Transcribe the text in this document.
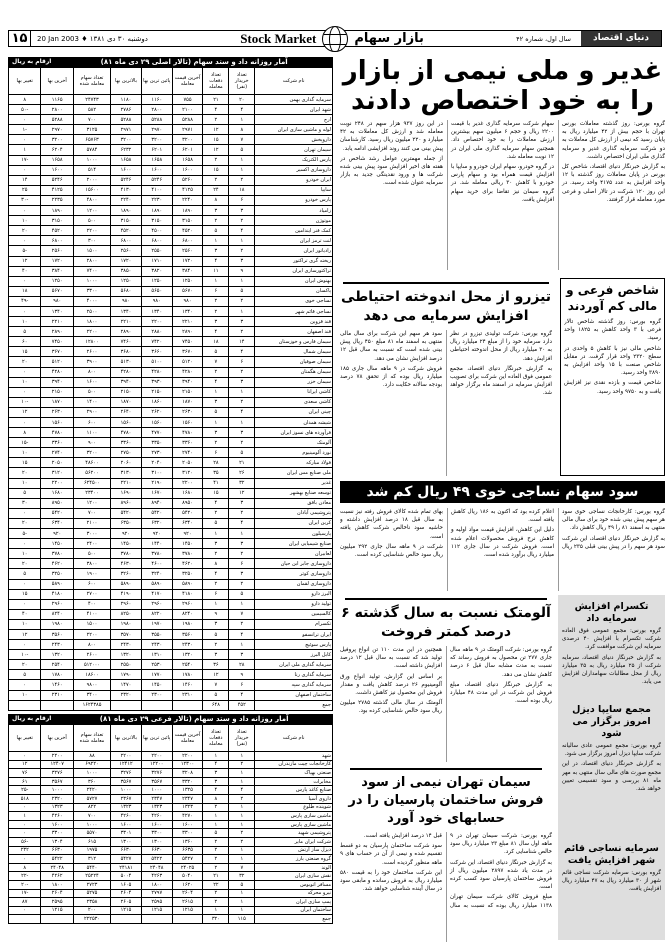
۱۵	20 Jan 2003 ♦ ۱۳۸۱ دوشنبه ۳۰ دی	Stock Market	بازار سهام	سال اول، شماره ۴۲	دنیای اقتصاد
آمار روزانه داد و ستد سهام (تالار اصلی ۲۹ دی ماه ۸۱)
ارقام به ریال
نام شرکت	تعداد خریدار (نفر)	تعداد دفعات معامله	آخرین قیمت معامله	پائین ترین بها	بالاترین بها	تعداد سهام معامله شده	آخرین بها	تغییر بها
سرمایه گذاری بهمن	۲۰	۲۱	۷۵۵	۱۱۶۰	۱۱۸۰	۲۴۷۴۳	۱۱۶۵	۸
شهد ایران	۴	۴	۲۱۰۰	۲۸۰۰	۲۷۸۶	۵۸۲	۲۸۰۰	-۵۰
ارج	۱	۲	۵۲۸۸	۵۲۸۸	۵۲۸۸	۷۰۰	۵۲۸۸	۰
لوله و ماشین سازی ایران	۸	۱۲	۲۹۷۱	۲۹۷۰	۲۹۷۱	۳۱۲۵	۲۹۷۰	-۱
داروپخش	۷	۱۵	۳۲۰۰	۳۲۰۰	۳۲۰۰	۶۵۷۶۳	۳۲۰۰	۰
سیمان تهران	۵	۱۲	۶۲۰۱	۶۲۰۱	۶۲۳۲	۵۷۸۴	۶۲۰۴	۱
پارس الکتریک	۱	۲	۱۶۵۸	۱۶۵۸	۱۶۵۸	۱۰۰۰	۱۶۵۸	-۱۷
داروسازی اکسیر	۱	۱۵	۱۶۰۰	۱۶۰۰	۱۶۰۰	۵۱۴	۱۶۰۰	۰
ایران خودرو	۲	۲	۵۲۶۰	۵۲۴۶	۵۲۴۶	۲۰۰۰	۵۲۴۶	۱۴
سایپا	۱۸	۲۴	۴۱۲۵	۴۱۰۰	۴۱۳۰	۱۵۶۰۰	۴۱۲۵	۲۵
پارس خودرو	۶	۸	۲۲۴۰	۲۲۳۰	۲۲۴۰	۴۸۰۰	۲۲۳۵	-۳۰
زامیاد	۳	۳	۱۸۹۰	۱۸۹۰	۱۸۹۰	۱۲۰۰	۱۸۹۰	۰
موتوژن	۲	۲	۳۱۵۰	۳۱۵۰	۳۱۵۰	۵۰۰	۳۱۵۰	۱۰
کمک فنر ایندامین	۴	۵	۴۵۲۰	۴۵۰۰	۴۵۲۰	۲۲۰۰	۴۵۲۰	۲۰
لنت ترمز ایران	۱	۱	۶۸۰۰	۶۸۰۰	۶۸۰۰	۳۰۰	۶۸۰۰	۰
رادیاتور ایران	۲	۳	۲۵۶۰	۲۵۵۰	۲۵۶۰	۱۵۰۰	۲۵۶۰	-۵
ریخته گری تراکتور	۳	۴	۱۷۲۰	۱۷۱۰	۱۷۲۰	۲۸۰۰	۱۷۲۰	۱۲
تراکتورسازی ایران	۹	۱۱	۳۸۴۰	۳۸۲۰	۳۸۵۰	۷۴۰۰	۳۸۴۰	۴۰
بهنوش ایران	۱	۱	۱۲۵۰	۱۲۵۰	۱۲۵۰	۱۰۰۰	۱۲۵۰	۰
پاکسان	۵	۶	۵۶۷۰	۵۶۵۰	۵۶۸۰	۳۳۰۰	۵۶۷۰	۱۸
نساجی خوی	۲	۲	۹۸۰	۹۸۰	۹۸۰	۴۰۰۰	۹۸۰	-۴۹
نساجی قائم شهر	۱	۲	۱۳۴۰	۱۳۴۰	۱۳۴۰	۲۵۰۰	۱۳۴۰	۰
قند قزوین	۳	۳	۲۲۱۰	۲۲۰۰	۲۲۱۰	۱۸۰۰	۲۲۱۰	۱۰
قند اصفهان	۲	۴	۲۸۹۰	۲۸۸۰	۲۸۹۰	۲۲۰۰	۲۸۹۰	۵
سیمان فارس و خوزستان	۱۴	۱۸	۷۴۵۰	۷۴۲۰	۷۴۶۰	۱۲۸۰۰	۷۴۵۰	۶۰
سیمان شمال	۴	۵	۳۶۷۰	۳۶۶۰	۳۶۸۰	۲۶۰۰	۳۶۷۰	۱۵
سیمان صوفیان	۶	۷	۵۱۲۰	۵۱۰۰	۵۱۳۰	۳۹۰۰	۵۱۲۰	۲۰
سیمان هگمتان	۲	۲	۴۲۸۰	۴۲۸۰	۴۲۸۰	۸۰۰	۴۲۸۰	۰
سیمان خزر	۳	۴	۳۹۴۰	۳۹۳۰	۳۹۴۰	۱۶۰۰	۳۹۴۰	۱۰
کاشی ایرانا	۱	۱	۲۱۵۰	۲۱۵۰	۲۱۵۰	۵۰۰	۲۱۵۰	۰
کاشی سعدی	۲	۳	۱۸۷۰	۱۸۶۰	۱۸۷۰	۱۴۰۰	۱۸۷۰	-۱۰
چینی ایران	۴	۵	۲۶۳۰	۲۶۲۰	۲۶۴۰	۲۹۰۰	۲۶۳۰	۱۲
شیشه همدان	۱	۱	۱۵۶۰	۱۵۶۰	۱۵۶۰	۶۰۰	۱۵۶۰	۰
فرآورده های نسوز ایران	۳	۳	۴۷۸۰	۴۷۷۰	۴۷۸۰	۱۱۰۰	۴۷۸۰	۸
آلومتک	۲	۲	۳۳۶۰	۳۳۵۰	۳۳۶۰	۹۰۰	۳۳۶۰	-۱۵
نورد آلومینیوم	۵	۶	۲۷۴۰	۲۷۳۰	۲۷۵۰	۳۲۰۰	۲۷۴۰	۱۰
فولاد مبارکه	۲۱	۲۸	۲۰۵۰	۲۰۴۰	۲۰۶۰	۴۸۶۰۰	۲۰۵۰	۱۵
ملی صنایع مس ایران	۲۶	۳۵	۳۱۲۰	۳۱۰۰	۳۱۳۰	۵۶۲۰۰	۳۱۲۰	۲۰
غدیر	۳۲	۴۱	۲۲۰۰	۲۱۹۰	۲۲۱۰	۶۲۴۵۰۰	۲۲۰۰	۱۰
توسعه صنایع بهشهر	۱۲	۱۵	۱۶۸۰	۱۶۷۰	۱۶۹۰	۲۳۴۰۰	۱۶۸۰	۵
معادن بافق	۳	۴	۸۹۵۰	۸۹۴۰	۸۹۶۰	۱۲۰۰	۸۹۵۰	۳۰
پتروشیمی آبادان	۲	۲	۵۴۲۰	۵۴۲۰	۵۴۲۰	۷۰۰	۵۴۲۰	۰
کربن ایران	۴	۵	۶۳۴۰	۶۳۲۰	۶۳۵۰	۲۱۰۰	۶۳۴۰	۲۰
پارسیلون	۱	۱	۹۲۰	۹۲۰	۹۲۰	۳۰۰۰	۹۲۰	-۵
صنایع شیمیایی ایران	۳	۳	۱۴۵۰	۱۴۴۰	۱۴۵۰	۲۴۰۰	۱۴۵۰	۰
لعابیران	۲	۲	۳۷۸۰	۳۷۸۰	۳۷۸۰	۵۰۰	۳۷۸۰	۱۰
داروسازی جابر ابن حیان	۶	۸	۴۶۲۰	۴۶۰۰	۴۶۳۰	۳۸۰۰	۴۶۲۰	۲۰
داروسازی کوثر	۳	۴	۳۲۵۰	۳۲۴۰	۳۲۶۰	۱۹۰۰	۳۲۵۰	۵
داروسازی لقمان	۲	۲	۵۸۹۰	۵۸۹۰	۵۸۹۰	۶۰۰	۵۸۹۰	۰
البرز دارو	۵	۶	۴۱۸۰	۴۱۷۰	۴۱۹۰	۲۷۰۰	۴۱۸۰	۱۵
تولید دارو	۱	۱	۲۹۶۰	۲۹۶۰	۲۹۶۰	۴۰۰	۲۹۶۰	۰
کالسیمین	۷	۹	۸۲۴۰	۸۲۲۰	۸۲۵۰	۴۱۰۰	۸۲۴۰	۴۰
تکسرام	۲	۳	۱۹۸۰	۱۹۷۰	۱۹۸۰	۱۵۰۰	۱۹۸۰	۱۰
ایران ترانسفو	۴	۵	۳۵۶۰	۳۵۵۰	۳۵۷۰	۲۲۰۰	۳۵۶۰	۱۲
پارس سوئیچ	۱	۲	۲۴۳۰	۲۴۳۰	۲۴۳۰	۸۰۰	۲۴۳۰	۰
کابل البرز	۳	۳	۱۳۲۰	۱۳۱۰	۱۳۲۰	۲۶۰۰	۱۳۲۰	-۱۰
سرمایه گذاری ملی ایران	۲۸	۳۶	۲۵۴۰	۲۵۳۰	۲۵۵۰	۵۱۲۰۰۰	۲۵۴۰	۲۰
سرمایه گذاری رنا	۹	۱۲	۱۷۸۰	۱۷۷۰	۱۷۹۰	۱۸۶۰۰	۱۷۸۰	۵
سرمایه گذاری سپه	۶	۷	۱۴۶۰	۱۴۵۰	۱۴۷۰	۹۸۰۰	۱۴۶۰	۰
ساختمان اصفهان	۴	۵	۲۳۱۰	۲۳۰۰	۲۳۲۰	۳۴۰۰	۲۳۱۰	۱۰
جمع	۴۵۲	۶۴۸				۱۶۲۴۳۸۵		
آمار روزانه داد و ستد سهام (تالار فرعی ۲۹ دی ماه ۸۱)
ارقام به ریال
نام شرکت	تعداد خریدار (نفر)	تعداد دفعات معامله	آخرین قیمت معامله	پائین ترین بها	بالاترین بها	تعداد سهام معامله شده	آخرین بها	تغییر بها
شهد	۱	۱	۲۲۰۰	۲۲۰۰	۲۲۰۰	۸۸	۲۲۰۰	۰
کارخانجات چیت مازندران	۲	۴	۱۲۳۰۰	۱۲۲۰۰	۱۲۴۱۲	۶۹۲۲۰	۱۲۴۰۷	۱۲
صنعتی بهپاک	۱	۳	۳۲۰۸	۳۲۷۶	۳۲۷۶	۱۰۰۰	۳۲۷۶	۷۶
مخابرات	۱	۳	۳۳۲۰	۳۵۶۷	۳۵۶۷	۳۶۰	۳۵۶۷	۶۱
صنایع کاغذ پارس	۴	۴	۱۳۲۵	۱۰۰۰	۱۰۰۰	۲۴۲۰	۱۰۰۰	-۲۵
داروی آسیا	۲	۸	۲۳۴۷	۲۳۴۷	۲۳۶۷	۵۷۲۷	۲۳۲۰	۵۱۸
شوینده طلوع	۱	۲	۱۳۲۳	۱۳۲۳	۱۳۲۳	۸۲۲	۱۳۲۳	۰
ماشین سازی پارس	۱	۱	۴۲۷۰	۴۲۶۰	۴۲۶۰	۷۰۰	۴۲۶۰	۱
ماشین سازی پارس	۱	۱	۱۶۰۰	۱۶۰۰	۱۶۰۰	۱۰۰۰	۱۶۰۰	۰
پتروشیمی شهید	۲	۵	۳۳۰۰	۳۳۰۰	۳۳۰۱	۵۵۷۰	۳۳۰۰	۰
شرکت ایران مایر	۲	۲	۱۳۶۰	۱۳۰۰	۱۳۰۰	۶۱۵	۱۳۰۴	-۵۶
دیزل ساز ارتش	۱	۲	۶۶۳۵	۶۶۳۰	۶۶۳۰	۱۹۷۵	۶۶۳۰	۲۳۲
گروه صنعتی بارز	۱	۲	۵۴۲۷	۵۴۲۲	۵۴۲۷	۳۱۲	۵۴۲۲	۰
الوند	۷	۲	۲۴۰۲۵	۲۴۰۴۸	۲۴۱۸۱	۵۴۴۰	۲۴۰۴۸	۸
نقش سازی ایران	۳۲	۲۱	۵۰۴۰	۴۲۶۳	۵۰۰۴	۲۵۲۲۴	۴۲۶۲	-۲۲
مسافر اتوبوس	۵	۲۲	۱۶۲۰	۱۸۰۰	۱۶۰۵	۲۷۲۳	۱۸۰۰	-۲۰
نیرو محرکه	۱	۲	۲۶۰۴	۲۷۹۷	۲۶۰۴	۵۲۷۵	۲۶۰۴	-۱۷
پمپ سازی ایران	۱	۲	۲۶۱۵	۲۵۹۵	۲۶۰۵	۲۳۵۸	۲۵۹۵	۸۷
ساختمان ایران	۱	۱	۱۲۱۵	۱۲۱۵	۱۲۱۵	۲۰۰	۱۲۱۵	۰
جمع	۱۱۵	۳۲۰				۲۲۲۵۳۰		
غدیر و ملی نیمی از بازار را به خود اختصاص دادند

گروه بورس: روز گذشته معاملات بورس تهران با حجم بیش از ۴۲ میلیارد ریال به پایان رسید که نیمی از ارزش کل معاملات به دو شرکت سرمایه گذاری غدیر و سرمایه گذاری ملی ایران اختصاص داشت.

به گزارش خبرنگار دنیای اقتصاد، شاخص کل بورس در پایان معاملات روز گذشته با ۱۲ واحد افزایش به عدد ۴۱۷۵ واحد رسید. در این روز ۱۲۰ شرکت در تالار اصلی و فرعی مورد معامله قرار گرفتند.

سهام شرکت سرمایه گذاری غدیر با قیمت ۲۲۰۰ ریال و حجم ۶ میلیون سهم بیشترین ارزش معاملات را به خود اختصاص داد. همچنین سهام سرمایه گذاری ملی ایران در ۱۲ نوبت معامله شد.

در گروه خودرو، سهام ایران خودرو و سایپا با افزایش قیمت همراه بود و سهام پارس خودرو با کاهش ۳۰ ریالی معامله شد. در گروه سیمان نیز تقاضا برای خرید سهام افزایش یافت.

در این روز ۹۳۷ هزار سهم در ۲۴۸ نوبت معامله شد و ارزش کل معاملات به ۴۲ میلیارد و ۲۲۰ میلیون ریال رسید. کارشناسان پیش بینی می کنند روند افزایشی ادامه یابد.

از جمله مهمترین عوامل رشد شاخص در هفته های اخیر افزایش سود پیش بینی شده شرکت ها و ورود نقدینگی جدید به بازار سرمایه عنوان شده است.

تیزرو از محل اندوخته احتیاطی افزایش سرمایه می دهد

گروه بورس: شرکت تولیدی تیزرو در نظر دارد سرمایه خود را از مبلغ ۲۴ میلیارد ریال به ۳۰ میلیارد ریال از محل اندوخته احتیاطی افزایش دهد.

به گزارش خبرنگار دنیای اقتصاد، مجمع عمومی فوق العاده این شرکت برای تصویب افزایش سرمایه در اسفند ماه برگزار خواهد شد.

سود هر سهم این شرکت برای سال مالی منتهی به اسفند ماه ۸۱ مبلغ ۴۵۰ ریال پیش بینی شده است که نسبت به سال قبل ۱۲ درصد افزایش نشان می دهد.

فروش شرکت در ۹ ماهه سال جاری ۱۸۵ میلیارد ریال بوده که از تحقق ۷۸ درصد بودجه سالانه حکایت دارد.

شاخص فرعی و مالی کم آوردند

گروه بورس: روز گذشته شاخص تالار فرعی با ۳ واحد کاهش به ۱۸۲۵ واحد رسید.

شاخص مالی نیز با کاهش ۵ واحدی در سطح ۲۳۲۰ واحد قرار گرفت. در مقابل شاخص صنعت با ۱۵ واحد افزایش به ۳۸۹۰ واحد رسید.

شاخص قیمت و بازده نقدی نیز افزایش یافت و به ۹۷۵۰ واحد رسید.

سود سهام نساجی خوی ۴۹ ریال کم شد

گروه بورس: کارخانجات نساجی خوی سود هر سهم پیش بینی شده خود برای سال مالی منتهی به اسفند ۸۱ را ۴۹ ریال کاهش داد.

به گزارش خبرنگار دنیای اقتصاد، این شرکت سود هر سهم را در پیش بینی قبلی ۲۳۵ ریال اعلام کرده بود که اکنون به ۱۸۶ ریال کاهش یافته است.

دلیل این کاهش، افزایش قیمت مواد اولیه و کاهش نرخ فروش محصولات اعلام شده است. فروش شرکت در سال جاری ۱۱۲ میلیارد ریال برآورد شده است.

بهای تمام شده کالای فروش رفته نیز نسبت به سال قبل ۱۸ درصد افزایش داشته و حاشیه سود ناخالص شرکت کاهش یافته است.

شرکت در ۹ ماهه سال جاری ۲۹۲ میلیون ریال سود خالص شناسایی کرده است.

آلومتک نسبت به سال گذشته ۶ درصد کمتر فروخت

گروه بورس: شرکت آلومتک در ۹ ماهه سال جاری ۲۷۷ تن محصول به فروش رساند که نسبت به مدت مشابه سال قبل ۶ درصد کاهش نشان می دهد.

به گزارش خبرنگار دنیای اقتصاد، مبلغ فروش این شرکت در این مدت ۴۸ میلیارد ریال بوده است.

همچنین در این مدت ۱۱۰ تن انواع پروفیل تولید شد که نسبت به سال قبل ۱۲ درصد افزایش داشته است.

بر اساس این گزارش، تولید انواع ورق آلومینیوم ۲۶ درصد کاهش یافت و مقدار فروش این محصول نیز کاهش داشت.

آلومتک در سال مالی گذشته ۲۷۸۵ میلیون ریال سود خالص شناسایی کرده بود.

سیمان تهران نیمی از سود فروش ساختمان پارسیان را در حسابهای خود آورد

گروه بورس: شرکت سیمان تهران در ۹ ماهه اول سال ۸۱ مبلغ ۲۳ میلیارد ریال سود خالص شناسایی کرد.

به گزارش خبرنگار دنیای اقتصاد، این شرکت در مدت یاد شده ۲۸۹۷ میلیون ریال از فروش ساختمان پارسیان سود کسب کرده است.

مبلغ فروش کالای شرکت سیمان تهران ۱۱۳۸ میلیارد ریال بوده که نسبت به سال قبل ۱۴ درصد افزایش یافته است.

سود شرکت ساختمان پارسیان به دو قسط تقسیم شده و نیمی از آن در حساب های ۹ ماهه منظور گردیده است.

این شرکت ساختمان خود را به قیمت ۵۸۰ میلیارد ریال به فروش رسانده و مابقی سود در سال آینده شناسایی خواهد شد.

تکسرام افزایش سرمایه داد

گروه بورس: مجمع عمومی فوق العاده شرکت تکسرام با افزایش ۴۰ درصدی سرمایه این شرکت موافقت کرد.

به گزارش خبرنگار دنیای اقتصاد، سرمایه شرکت از ۲۵ میلیارد ریال به ۳۵ میلیارد ریال از محل مطالبات سهامداران افزایش می یابد.

مجمع سایپا دیزل امروز برگزار می شود

گروه بورس: مجمع عمومی عادی سالیانه شرکت سایپا دیزل امروز برگزار می شود.

به گزارش خبرنگار دنیای اقتصاد، در این مجمع صورت های مالی سال منتهی به مهر ماه ۸۱ بررسی و سود تقسیمی تعیین خواهد شد.

سرمایه نساجی قائم شهر افزایش یافت

گروه بورس: سرمایه شرکت نساجی قائم شهر از ۳۰ میلیارد ریال به ۴۷ میلیارد ریال افزایش یافت.
